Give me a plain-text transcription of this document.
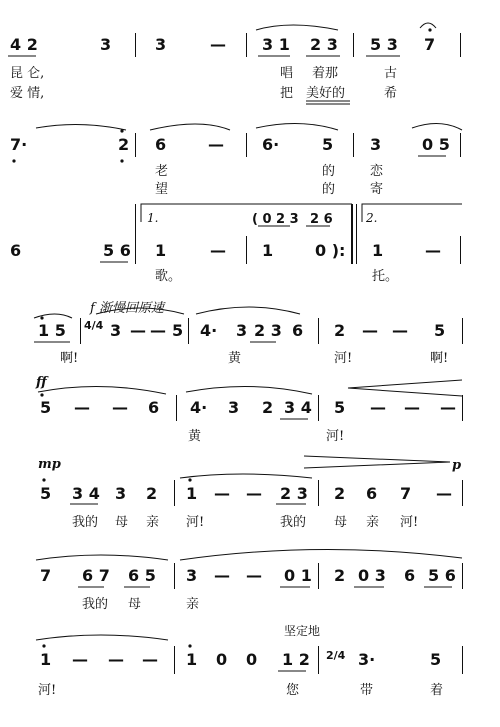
4 2	3	3	— 3 1 2 3 5 3 7
昆 仑,	唱 着那	古
爱 情,	把 美好的	希
7·	2 6	— 6·	5 3	0 5
老	的	恋
望	的	寄
1.	2.
( 0 2 3 2 6
6	5 6 1	— 1	0 ): 1	—
歌。	托。
f 渐慢回原速
1 5 4/4 3 — — 5 4· 3 2 3 6 2 — — 5
啊!	黄	河!	啊!
ff
5 — — 6 4· 3 2 3 4 5 — — —
黄	河!
mp	p
5 3 4 3 2 1 — — 2 3 2 6 7 —
我的 母 亲 河!	我的 母 亲 河!
7 6 7 6 5 3 — — 0 1 2 0 3 6 5 6
我的 母	亲
坚定地
1 — — — 1 0 0 1 2 2/4 3·	5
河!	您	带	着
